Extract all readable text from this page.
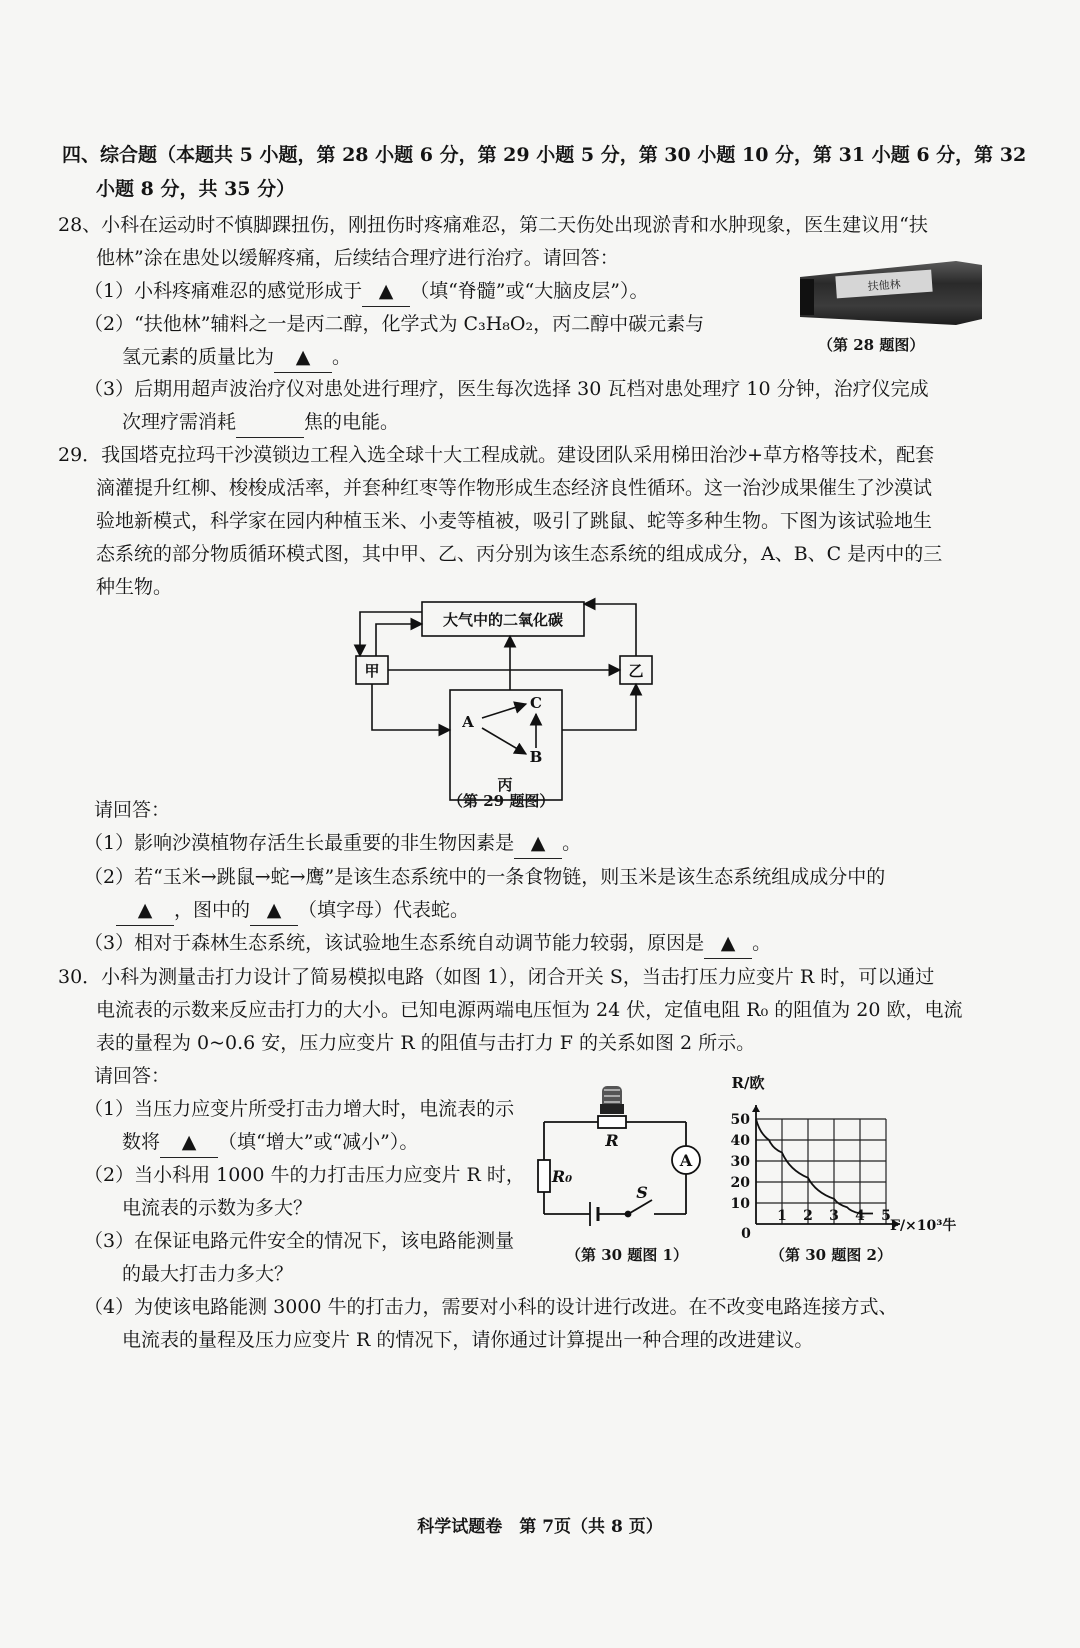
四、综合题（本题共 5 小题，第 28 小题 6 分，第 29 小题 5 分，第 30 小题 10 分，第 31 小题 6 分，第 32
小题 8 分，共 35 分）
28、小科在运动时不慎脚踝扭伤，刚扭伤时疼痛难忍，第二天伤处出现淤青和水肿现象，医生建议用“扶
他林”涂在患处以缓解疼痛，后续结合理疗进行治疗。请回答：
（1）小科疼痛难忍的感觉形成于 ▲ （填“脊髓”或“大脑皮层”）。
（2）“扶他林”辅料之一是丙二醇，化学式为 C₃H₈O₂，丙二醇中碳元素与
氢元素的质量比为 ▲ 。
（3）后期用超声波治疗仪对患处进行理疗，医生每次选择 30 瓦档对患处理疗 10 分钟，治疗仪完成
次理疗需消耗	焦的电能。
扶他林
（第 28 题图）
29．我国塔克拉玛干沙漠锁边工程入选全球十大工程成就。建设团队采用梯田治沙+草方格等技术，配套
滴灌提升红柳、梭梭成活率，并套种红枣等作物形成生态经济良性循环。这一治沙成果催生了沙漠试
验地新模式，科学家在园内种植玉米、小麦等植被，吸引了跳鼠、蛇等多种生物。下图为该试验地生
态系统的部分物质循环模式图，其中甲、乙、丙分别为该生态系统的组成成分，A、B、C 是丙中的三
种生物。
大气中的二氧化碳
甲	乙
A
C
B
丙
（第 29 题图）
请回答：
（1）影响沙漠植物存活生长最重要的非生物因素是 ▲ 。
（2）若“玉米→跳鼠→蛇→鹰”是该生态系统中的一条食物链，则玉米是该生态系统组成成分中的
▲ ，图中的 ▲ （填字母）代表蛇。
（3）相对于森林生态系统，该试验地生态系统自动调节能力较弱，原因是 ▲ 。
30．小科为测量击打力设计了简易模拟电路（如图 1），闭合开关 S，当击打压力应变片 R 时，可以通过
电流表的示数来反应击打力的大小。已知电源两端电压恒为 24 伏，定值电阻 R₀ 的阻值为 20 欧，电流
表的量程为 0~0.6 安，压力应变片 R 的阻值与击打力 F 的关系如图 2 所示。
请回答：
（1）当压力应变片所受打击力增大时，电流表的示
数将 ▲ （填“增大”或“减小”）。
（2）当小科用 1000 牛的力打击压力应变片 R 时，
电流表的示数为多大？
（3）在保证电路元件安全的情况下，该电路能测量
的最大打击力多大？
（4）为使该电路能测 3000 牛的打击力，需要对小科的设计进行改进。在不改变电路连接方式、
电流表的量程及压力应变片 R 的情况下，请你通过计算提出一种合理的改进建议。
R
R₀
A
S
（第 30 题图 1）
R/欧
F/×10³牛
0
1 2 3 4 5
10
20
30
40
50
（第 30 题图 2）
科学试题卷　第 7页（共 8 页）
